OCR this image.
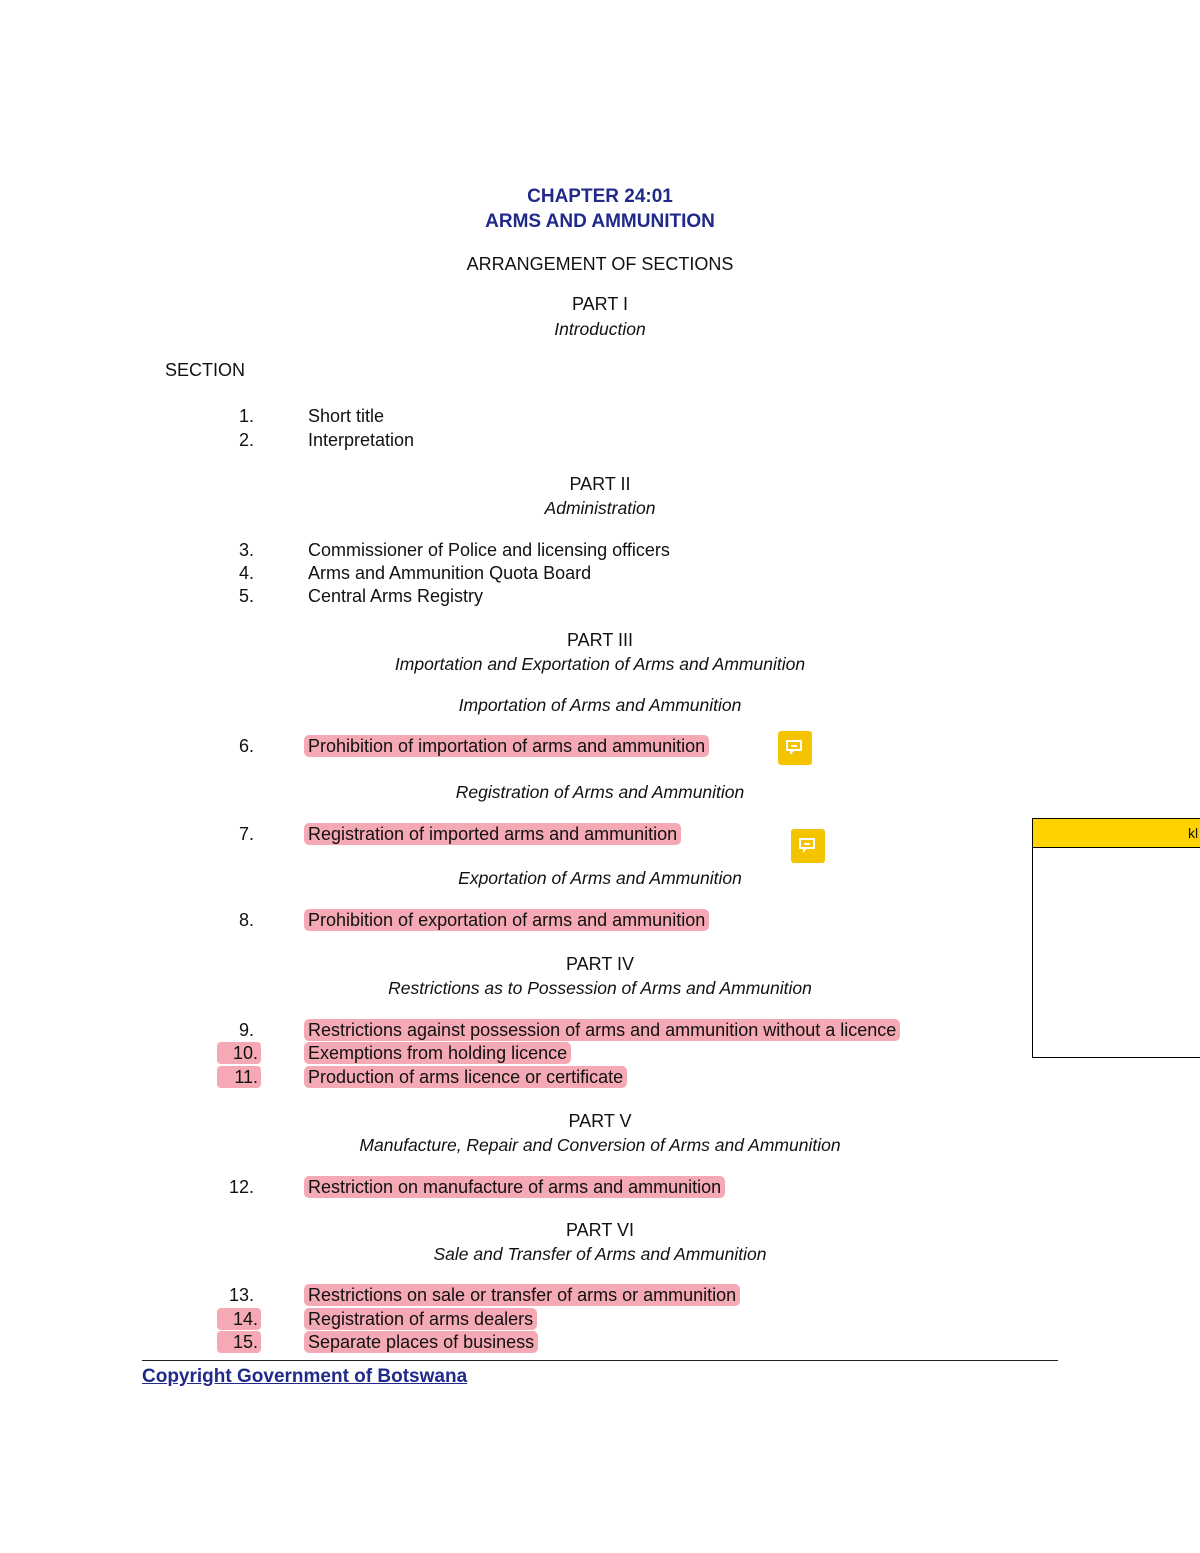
CHAPTER 24:01
ARMS AND AMMUNITION
ARRANGEMENT OF SECTIONS
PART I
Introduction
SECTION
1.	Short title
2.	Interpretation
PART II
Administration
3.	Commissioner of Police and licensing officers
4.	Arms and Ammunition Quota Board
5.	Central Arms Registry
PART III
Importation and Exportation of Arms and Ammunition
Importation of Arms and Ammunition
6.	Prohibition of importation of arms and ammunition
Registration of Arms and Ammunition
7.	Registration of imported arms and ammunition
Exportation of Arms and Ammunition
8.	Prohibition of exportation of arms and ammunition
PART IV
Restrictions as to Possession of Arms and Ammunition
9.	Restrictions against possession of arms and ammunition without a licence
10.	Exemptions from holding licence
11.	Production of arms licence or certificate
PART V
Manufacture, Repair and Conversion of Arms and Ammunition
12.	Restriction on manufacture of arms and ammunition
PART VI
Sale and Transfer of Arms and Ammunition
13.	Restrictions on sale or transfer of arms or ammunition
14.	Registration of arms dealers
15.	Separate places of business
kl
Copyright Government of Botswana
